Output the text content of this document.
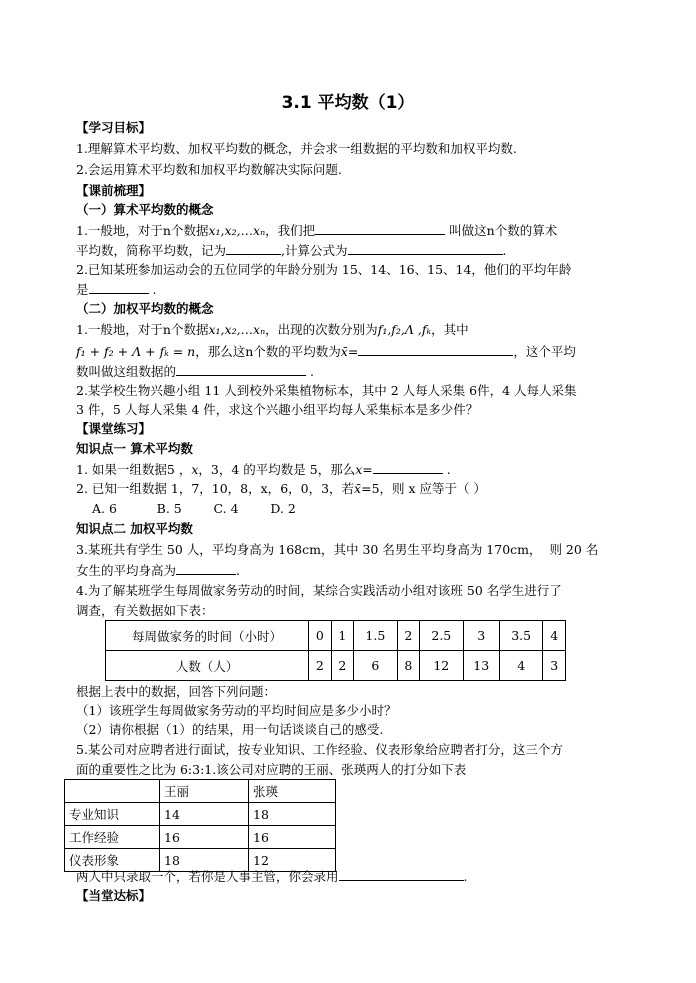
3.1 平均数（1）
【学习目标】
1.理解算术平均数、加权平均数的概念，并会求一组数据的平均数和加权平均数.
2.会运用算术平均数和加权平均数解决实际问题.
【课前梳理】
（一）算术平均数的概念
1.一般地，对于n个数据x₁,x₂,…xₙ，我们把	叫做这n个数的算术
平均数，简称平均数，记为	,计算公式为	.
2.已知某班参加运动会的五位同学的年龄分别为 15、14、16、15、14，他们的平均年龄
是	.
（二）加权平均数的概念
1.一般地，对于n个数据x₁,x₂,…xₙ，出现的次数分别为f₁,f₂,Λ ,fₖ，其中
f₁ + f₂ + Λ + fₖ = n，那么这n个数的平均数为x̄=	，这个平均
数叫做这组数据的	.
2.某学校生物兴趣小组 11 人到校外采集植物标本，其中 2 人每人采集 6件，4 人每人采集
3 件，5 人每人采集 4 件，求这个兴趣小组平均每人采集标本是多少件？
【课堂练习】
知识点一 算术平均数
1. 如果一组数据5 ，x，3，4 的平均数是 5，那么x=	.
2. 已知一组数据 1，7，10，8，x，6，0，3，若x̄=5，则 x 应等于（ ）
A. 6          B. 5        C. 4        D. 2
知识点二 加权平均数
3.某班共有学生 50 人，平均身高为 168cm，其中 30 名男生平均身高为 170cm，  则 20 名
女生的平均身高为	.
4.为了解某班学生每周做家务劳动的时间，某综合实践活动小组对该班 50 名学生进行了
调查，有关数据如下表：
每周做家务的时间（小时）	0	1	1.5	2	2.5	3	3.5	4
人数（人）	2	2	6	8	12	13	4	3
根据上表中的数据，回答下列问题：
（1）该班学生每周做家务劳动的平均时间应是多少小时？
（2）请你根据（1）的结果，用一句话谈谈自己的感受.
5.某公司对应聘者进行面试，按专业知识、工作经验、仪表形象给应聘者打分，这三个方
面的重要性之比为 6:3:1.该公司对应聘的王丽、张瑛两人的打分如下表
	王丽	张瑛
专业知识	14	18
工作经验	16	16
仪表形象	18	12
两人中只录取一个，若你是人事主管，你会录用	.
【当堂达标】
